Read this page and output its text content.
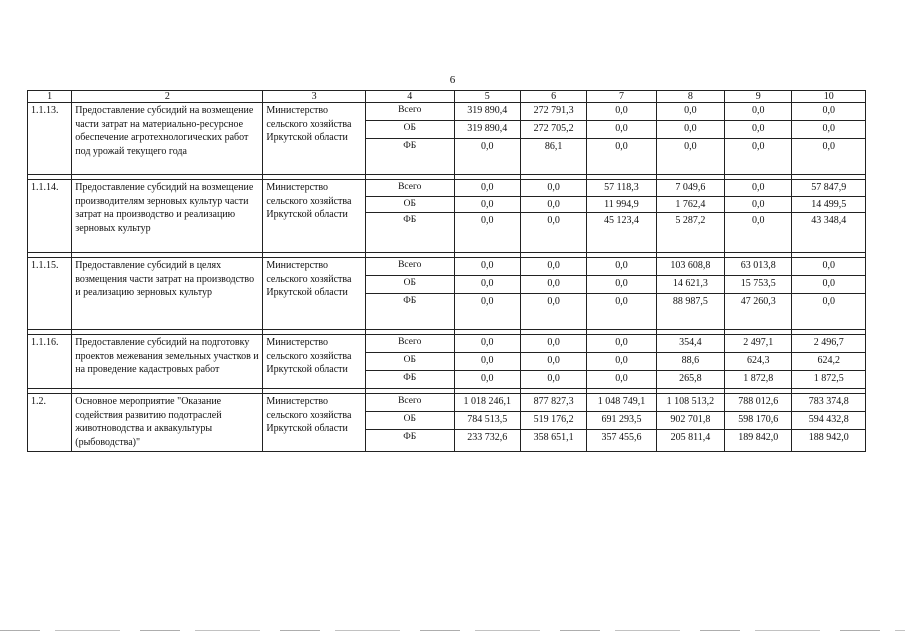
6
1	2	3	4	5	6	7	8	9	10
1.1.13.	Предоставление субсидий на возмещение части затрат на материально-ресурсное обеспечение агротехнологических работ под урожай текущего года	Министерство сельского хозяйства Иркутской области	Всего	319 890,4	272 791,3	0,0	0,0	0,0	0,0
			ОБ	319 890,4	272 705,2	0,0	0,0	0,0	0,0
			ФБ	0,0	86,1	0,0	0,0	0,0	0,0

1.1.14.	Предоставление субсидий на возмещение производителям зерновых культур части затрат на производство и реализацию зерновых культур	Министерство сельского хозяйства Иркутской области	Всего	0,0	0,0	57 118,3	7 049,6	0,0	57 847,9
			ОБ	0,0	0,0	11 994,9	1 762,4	0,0	14 499,5
			ФБ	0,0	0,0	45 123,4	5 287,2	0,0	43 348,4

1.1.15.	Предоставление субсидий в целях возмещения части затрат на производство и реализацию зерновых культур	Министерство сельского хозяйства Иркутской области	Всего	0,0	0,0	0,0	103 608,8	63 013,8	0,0
			ОБ	0,0	0,0	0,0	14 621,3	15 753,5	0,0
			ФБ	0,0	0,0	0,0	88 987,5	47 260,3	0,0

1.1.16.	Предоставление субсидий на подготовку проектов межевания земельных участков и на проведение кадастровых работ	Министерство сельского хозяйства Иркутской области	Всего	0,0	0,0	0,0	354,4	2 497,1	2 496,7
			ОБ	0,0	0,0	0,0	88,6	624,3	624,2
			ФБ	0,0	0,0	0,0	265,8	1 872,8	1 872,5

1.2.	Основное мероприятие "Оказание содействия развитию подотраслей животноводства и аквакультуры (рыбоводства)"	Министерство сельского хозяйства Иркутской области	Всего	1 018 246,1	877 827,3	1 048 749,1	1 108 513,2	788 012,6	783 374,8
			ОБ	784 513,5	519 176,2	691 293,5	902 701,8	598 170,6	594 432,8
			ФБ	233 732,6	358 651,1	357 455,6	205 811,4	189 842,0	188 942,0
